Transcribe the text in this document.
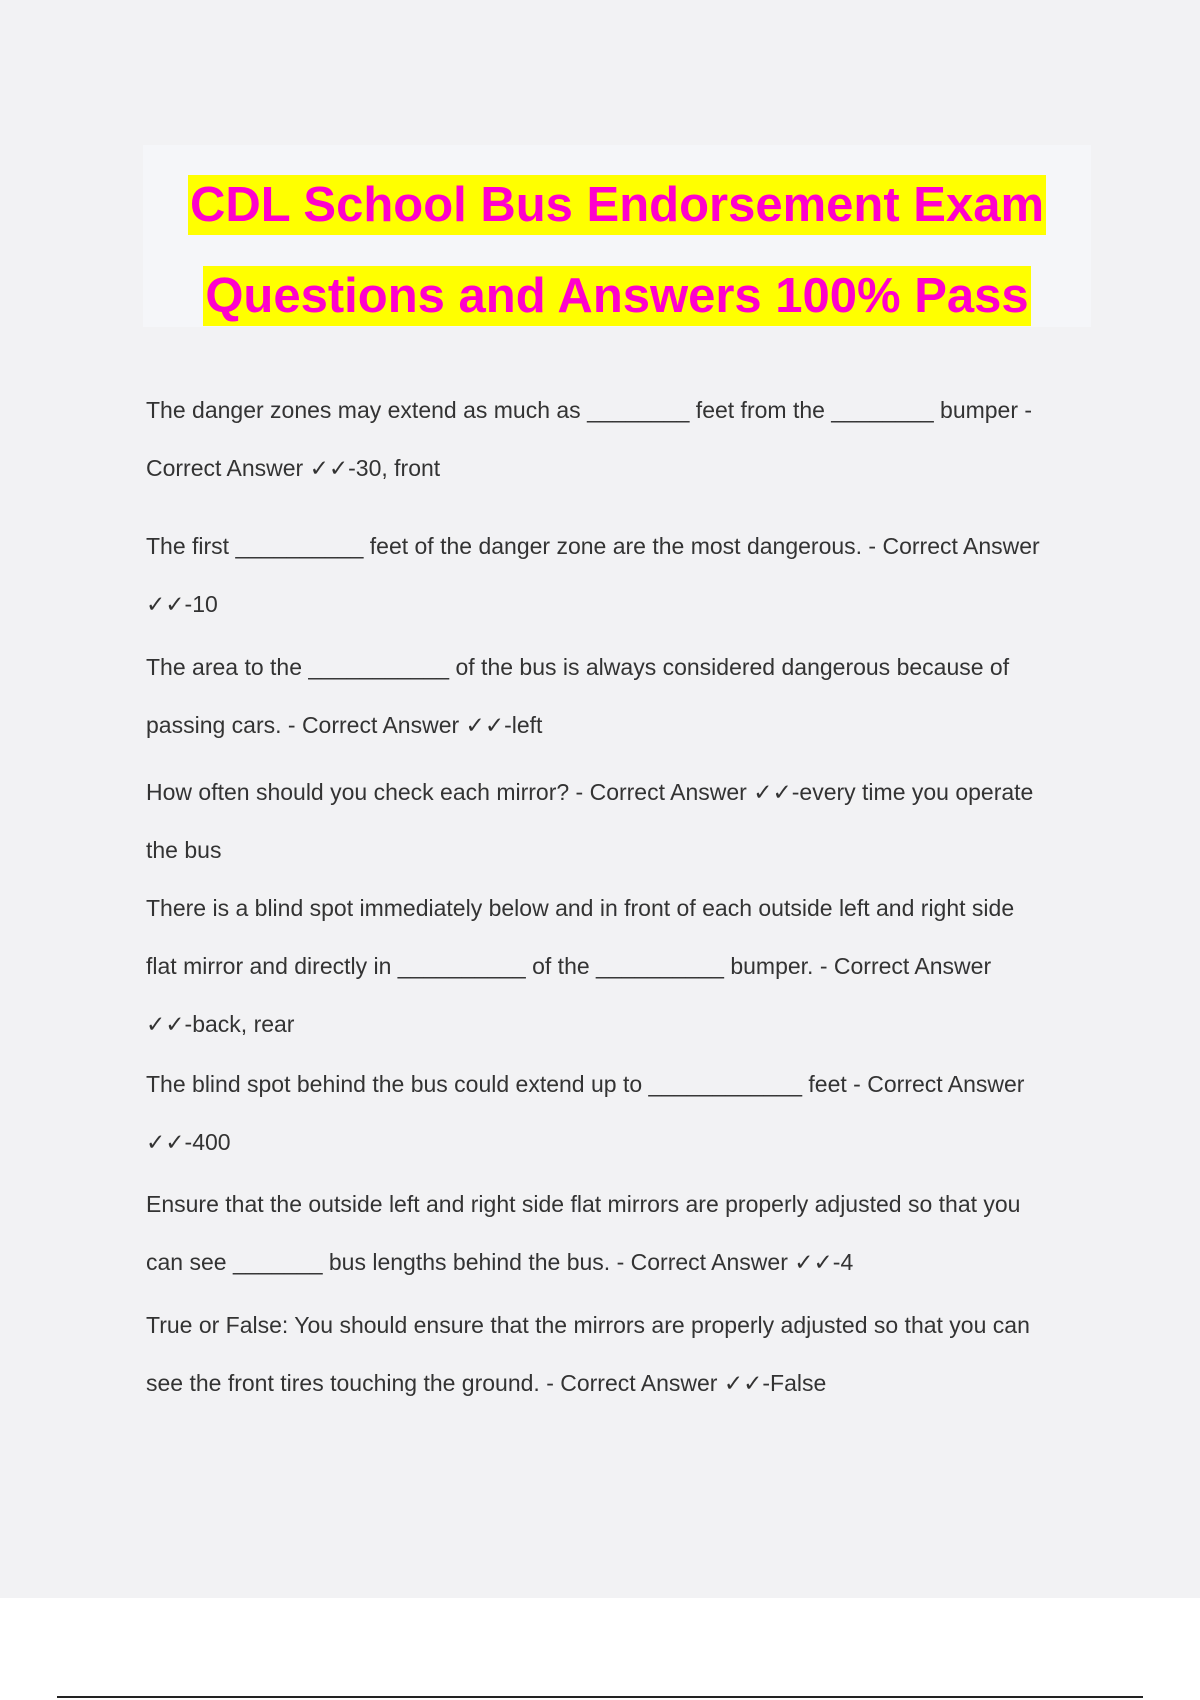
CDL School Bus Endorsement Exam
Questions and Answers 100% Pass
The danger zones may extend as much as ________ feet from the ________ bumper -
Correct Answer ✓✓-30, front
The first __________ feet of the danger zone are the most dangerous. - Correct Answer
✓✓-10
The area to the ___________ of the bus is always considered dangerous because of
passing cars. - Correct Answer ✓✓-left
How often should you check each mirror? - Correct Answer ✓✓-every time you operate
the bus
There is a blind spot immediately below and in front of each outside left and right side
flat mirror and directly in __________ of the __________ bumper. - Correct Answer
✓✓-back, rear
The blind spot behind the bus could extend up to ____________ feet - Correct Answer
✓✓-400
Ensure that the outside left and right side flat mirrors are properly adjusted so that you
can see _______ bus lengths behind the bus. - Correct Answer ✓✓-4
True or False: You should ensure that the mirrors are properly adjusted so that you can
see the front tires touching the ground. - Correct Answer ✓✓-False
